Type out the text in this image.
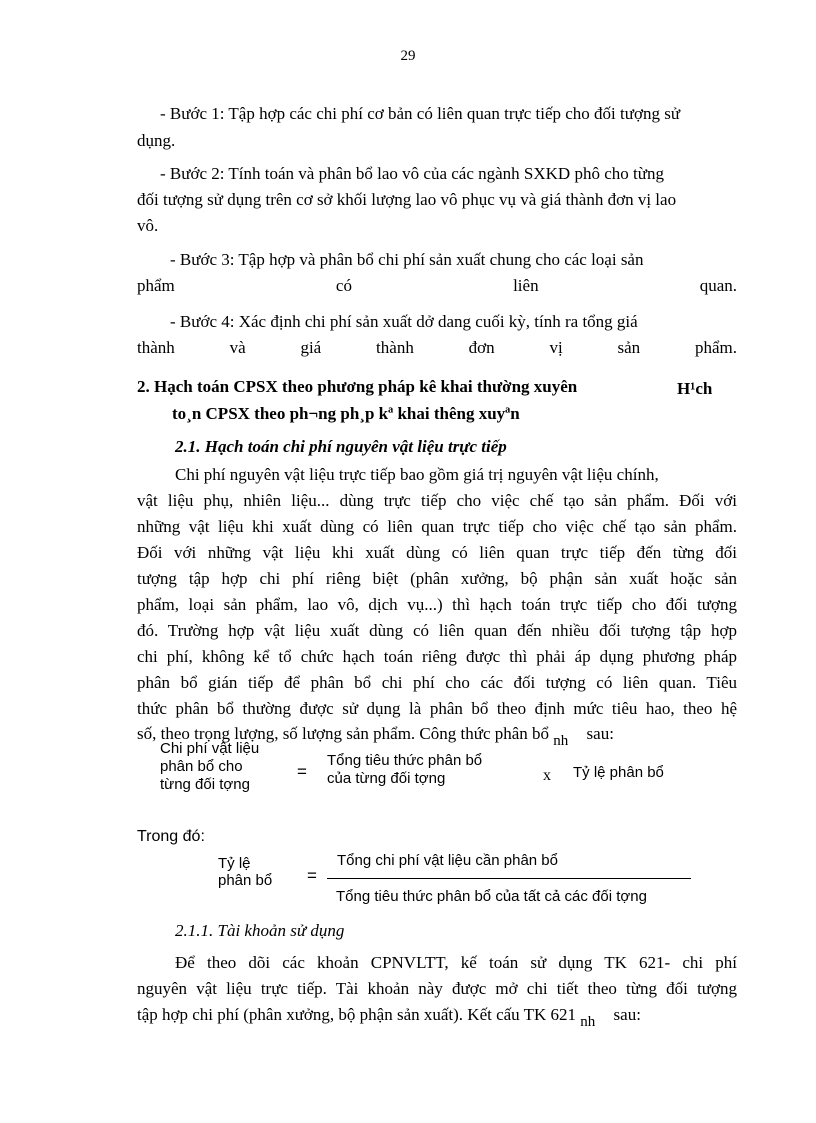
29
- Bước 1: Tập hợp các chi phí cơ bản có liên quan trực tiếp cho đối tượng sử
dụng.
- Bước 2: Tính toán và phân bổ lao vô của các ngành SXKD phô cho từng
đối tượng sử dụng trên cơ sở khối lượng lao vô phục vụ và giá thành đơn vị lao
vô.
- Bước 3: Tập hợp và phân bổ chi phí sản xuất chung cho các loại sản
phẩm có liên quan.
- Bước 4: Xác định chi phí sản xuất dở dang cuối kỳ, tính ra tổng giá
thành và giá thành đơn vị sản phẩm.
2. Hạch toán CPSX theo phương pháp kê khai thường xuyên	H¹ch
to¸n CPSX theo ph¬ng ph¸p kª khai thêng xuyªn
2.1. Hạch toán chi phí nguyên vật liệu trực tiếp
Chi phí nguyên vật liệu trực tiếp bao gồm giá trị nguyên vật liệu chính,
vật liệu phụ, nhiên liệu... dùng trực tiếp cho việc chế tạo sản phẩm. Đối với
những vật liệu khi xuất dùng có liên quan trực tiếp cho việc chế tạo sản phẩm.
Đối với những vật liệu khi xuất dùng có liên quan trực tiếp đến từng đối
tượng tập hợp chi phí riêng biệt (phân xưởng, bộ phận sản xuất hoặc sản
phẩm, loại sản phẩm, lao vô, dịch vụ...) thì hạch toán trực tiếp cho đối tượng
đó. Trường hợp vật liệu xuất dùng có liên quan đến nhiều đối tượng tập hợp
chi phí, không kể tổ chức hạch toán riêng được thì phải áp dụng phương pháp
phân bổ gián tiếp để phân bổ chi phí cho các đối tượng có liên quan. Tiêu
thức phân bổ thường được sử dụng là phân bổ theo định mức tiêu hao, theo hệ
số, theo trọng lượng, số lượng sản phẩm. Công thức phân bổ nh sau:
Chi phí vật liệu
phân bổ cho
từng đối tợng
=
Tổng tiêu thức phân bổ
của từng đối tợng	x Tỷ lệ phân bổ
Trong đó:
Tỷ lệ
phân bổ =
Tổng chi phí vật liệu cần phân bổ
Tổng tiêu thức phân bổ của tất cả các đối tợng
2.1.1. Tài khoản sử dụng
Để theo dõi các khoản CPNVLTT, kế toán sử dụng TK 621- chi phí
nguyên vật liệu trực tiếp. Tài khoản này được mở chi tiết theo từng đối tượng
tập hợp chi phí (phân xưởng, bộ phận sản xuất). Kết cấu TK 621 nh sau:
